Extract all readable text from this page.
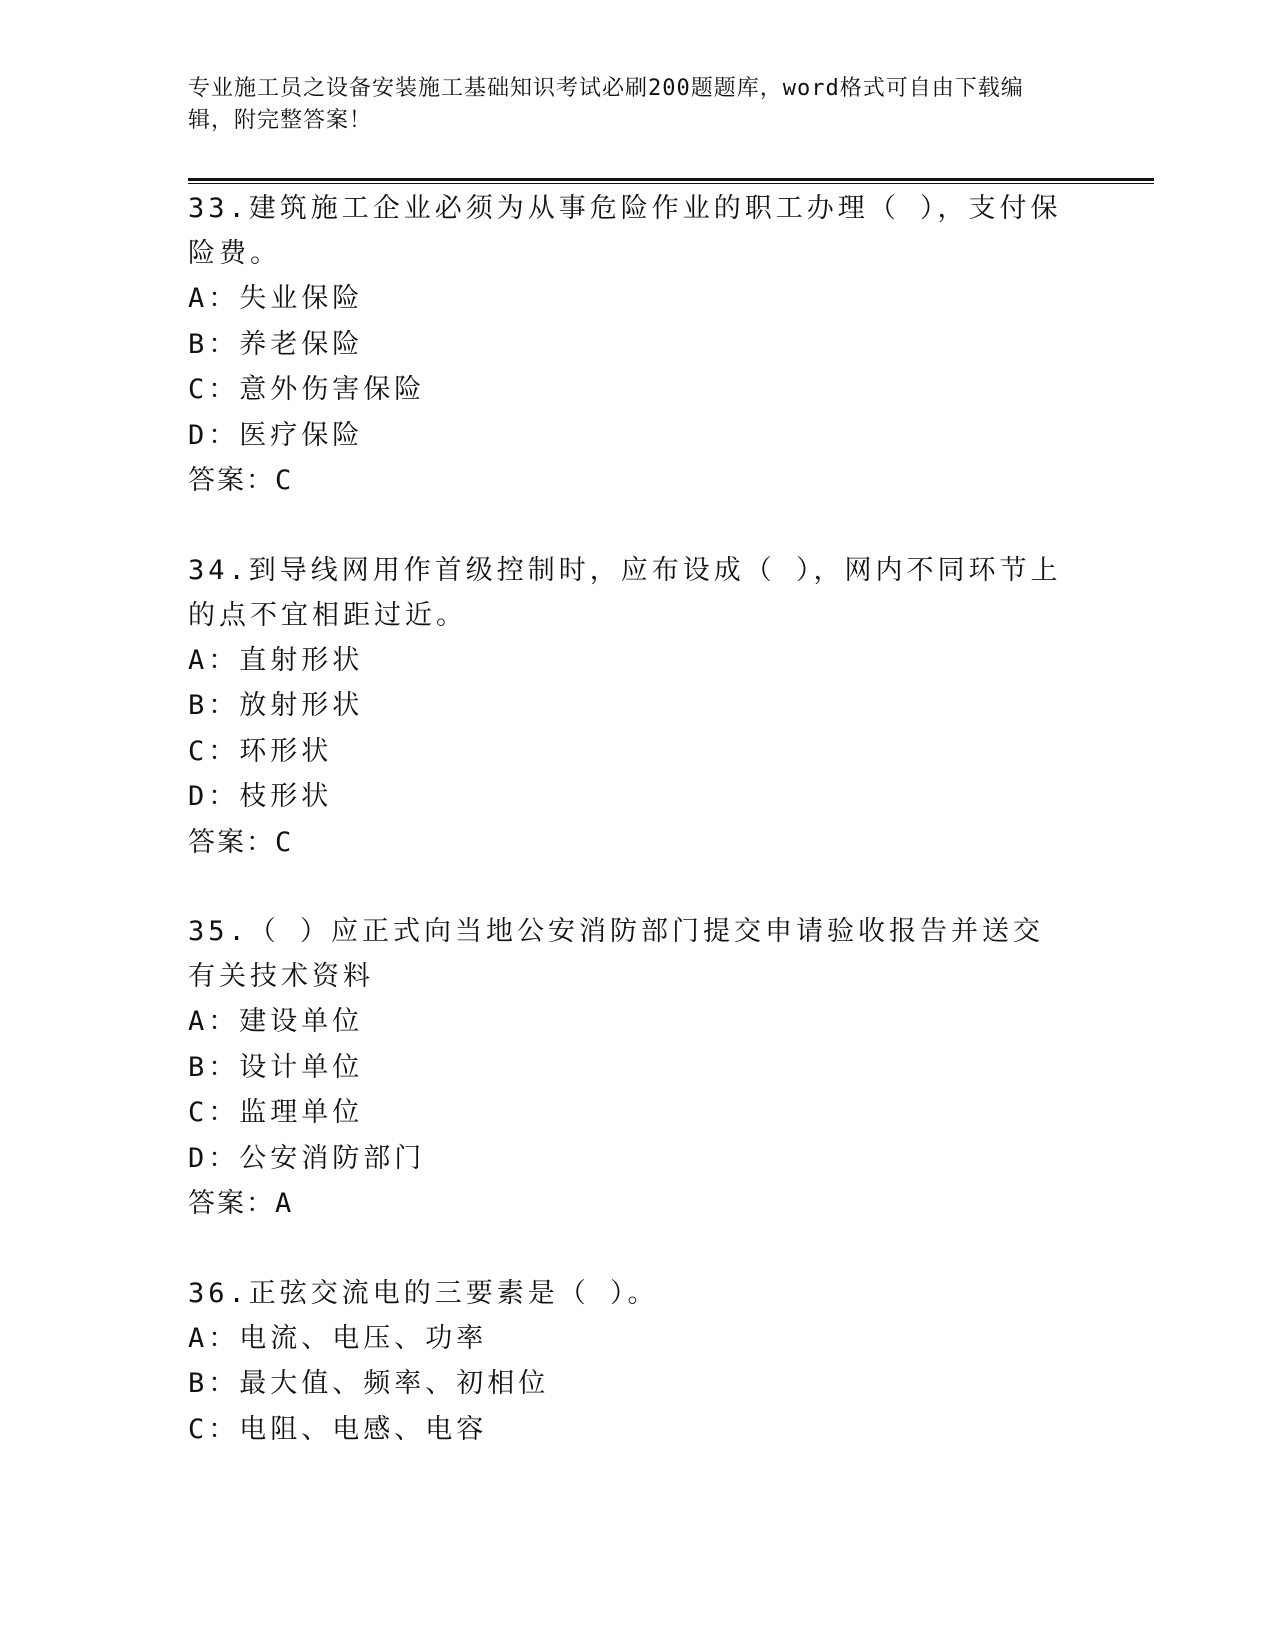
专业施工员之设备安装施工基础知识考试必刷200题题库，word格式可自由下载编辑，附完整答案！
33.建筑施工企业必须为从事危险作业的职工办理（ ），支付保险费。
A：失业保险
B：养老保险
C：意外伤害保险
D：医疗保险
答案：C
34.到导线网用作首级控制时，应布设成（ ），网内不同环节上的点不宜相距过近。
A：直射形状
B：放射形状
C：环形状
D：枝形状
答案：C
35.（ ）应正式向当地公安消防部门提交申请验收报告并送交有关技术资料
A：建设单位
B：设计单位
C：监理单位
D：公安消防部门
答案：A
36.正弦交流电的三要素是（ ）。
A：电流、电压、功率
B：最大值、频率、初相位
C：电阻、电感、电容
